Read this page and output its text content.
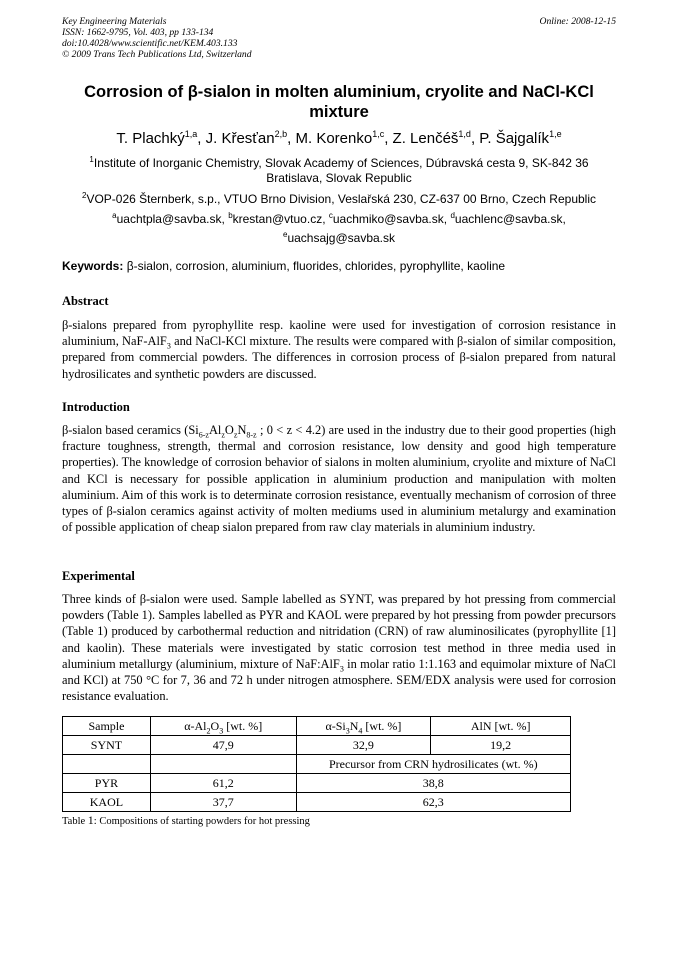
Key Engineering Materials
ISSN: 1662-9795, Vol. 403, pp 133-134
doi:10.4028/www.scientific.net/KEM.403.133
© 2009 Trans Tech Publications Ltd, Switzerland
Online: 2008-12-15
Corrosion of β-sialon in molten aluminium, cryolite and NaCl-KCl mixture
T. Plachký$^{1,a}$, J. Křesťan$^{2,b}$, M. Korenko$^{1,c}$, Z. Lenčéš$^{1,d}$, P. Šajgalík$^{1,e}$
$^1$Institute of Inorganic Chemistry, Slovak Academy of Sciences, Dúbravská cesta 9, SK-842 36 Bratislava, Slovak Republic
$^2$VOP-026 Šternberk, s.p., VTUO Brno Division, Veslařská 230, CZ-637 00 Brno, Czech Republic
$^a$uachtpla@savba.sk, $^b$krestan@vtuo.cz, $^c$uachmiko@savba.sk, $^d$uachlenc@savba.sk,
$^e$uachsajg@savba.sk
Keywords: β-sialon, corrosion, aluminium, fluorides, chlorides, pyrophyllite, kaoline
Abstract
β-sialons prepared from pyrophyllite resp. kaoline were used for investigation of corrosion resistance in aluminium, NaF-AlF$_3$ and NaCl-KCl mixture. The results were compared with β-sialon of similar composition, prepared from commercial powders. The differences in corrosion process of β-sialon prepared from natural hydrosilicates and synthetic powders are discussed.
Introduction
β-sialon based ceramics ($Si_{6-z}Al_zO_zN_{8-z}$ ; 0 < z < 4.2) are used in the industry due to their good properties (high fracture toughness, strength, thermal and corrosion resistance, low density and good high temperature properties). The knowledge of corrosion behavior of sialons in molten aluminium, cryolite and mixture of NaCl and KCl is necessary for possible application in aluminium production and manipulation with molten aluminium. Aim of this work is to determinate corrosion resistance, eventually mechanism of corrosion of three types of β-sialon ceramics against activity of molten mediums used in aluminium metalurgy and examination of possible application of cheap sialon prepared from raw clay materials in aluminium industry.
Experimental
Three kinds of β-sialon were used. Sample labelled as SYNT, was prepared by hot pressing from commercial powders (Table 1). Samples labelled as PYR and KAOL were prepared by hot pressing from powder precursors (Table 1) produced by carbothermal reduction and nitridation (CRN) of raw aluminosilicates (pyrophyllite [1] and kaolin). These materials were investigated by static corrosion test method in three media used in aluminium metallurgy (aluminium, mixture of NaF:AlF$_3$ in molar ratio 1:1.163 and equimolar mixture of NaCl and KCl) at 750 °C for 7, 36 and 72 h under nitrogen atmosphere. SEM/EDX analysis were used for corrosion resistance evaluation.
Sample	$\alpha-Al_2O_3$ [wt. %]	$\alpha-Si_3N_4$ [wt. %]	AlN [wt. %]
SYNT	47,9	32,9	19,2
		Precursor from CRN hydrosilicates (wt. %)	
PYR	61,2	38,8	
KAOL	37,7	62,3	
Table 1: Compositions of starting powders for hot pressing
